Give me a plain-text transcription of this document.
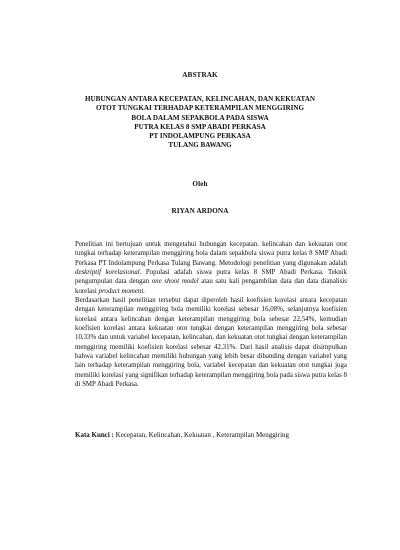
ABSTRAK
HUBUNGAN ANTARA KECEPATAN, KELINCAHAN, DAN KEKUATAN
OTOT TUNGKAI TERHADAP KETERAMPILAN MENGGIRING
BOLA DALAM SEPAKBOLA PADA SISWA
PUTRA KELAS 8 SMP ABADI PERKASA
PT INDOLAMPUNG PERKASA
TULANG BAWANG
Oleh
RIYAN ARDONA

Penelitian ini bertujuan untuk mengetahui hubungan kecepatan. kelincahan dan kekuatan otot tungkai terhadap keterampilan menggiring bola dalam sepakbola siswa putra kelas 8 SMP Abadi Perkasa PT Indolampung Perkasa Tulang Bawang. Metodologi penelitian yang digunakan adalah deskriptif korelasional. Populasi adalah siswa putra kelas 8 SMP Abadi Perkasa. Teknik pengumpulan data dengan one shoot model atau satu kali pengambilan data dan data dianalisis korelasi product moment.

Berdasarkan hasil penelitian tersebut dapat diperoleh hasil koefisien korelasi antara kecepatan dengan keterampilan menggiring bola memiliki korelasi sebesar 16,08%, selanjutnya koefisien korelasi antara kelincahan dengan keterampilan menggiring bola sebesar 22,54%, kemudian koefisien korelasi antara kekuatan otot tungkai dengan keterampilan menggiring bola sebesar 10,33% dan untuk variabel kecepatan, kelincahan, dan kekuatan otot tungkai dengan keterampilan menggiring memiliki koefisien korelasi sebesar 42,31%. Dari hasil analisis dapat disimpulkan bahwa variabel kelincahan memiliki hubungan yang lebih besar dibanding dengan variabel yang lain terhadap keterampilan menggiring bola, variabel kecepatan dan kekuatan otot tungkai juga memiliki korelasi yang signifikan terhadap keterampilan menggiring bola pada siswa putra kelas 8 di SMP Abadi Perkasa.

Kata Kunci : Kecepatan, Kelincahan, Kekuatan , Keterampilan Menggiring
